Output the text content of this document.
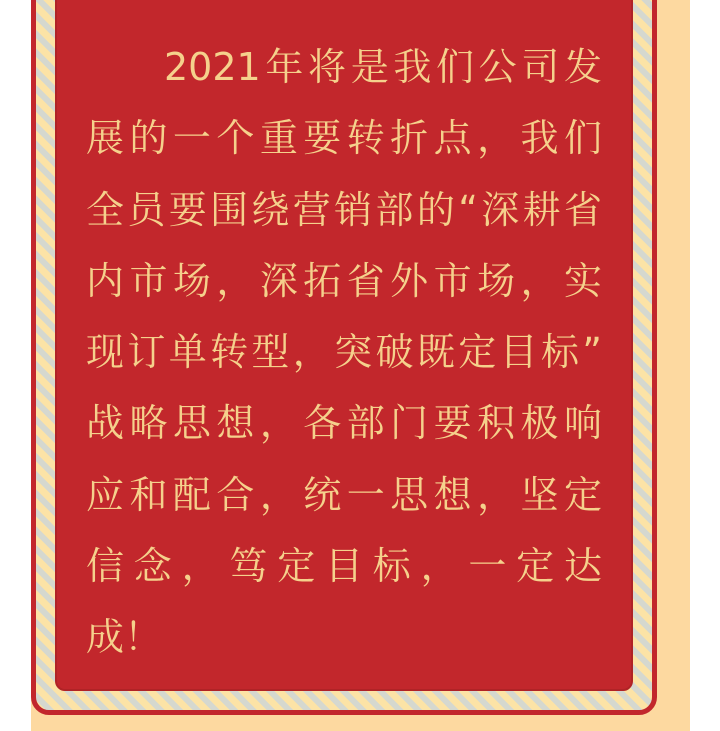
2021年将是我们公司发
展的一个重要转折点，我们
全员要围绕营销部的“深耕省
内市场，深拓省外市场，实
现订单转型，突破既定目标”
战略思想，各部门要积极响
应和配合，统一思想，坚定
信念，笃定目标，一定达
成！
